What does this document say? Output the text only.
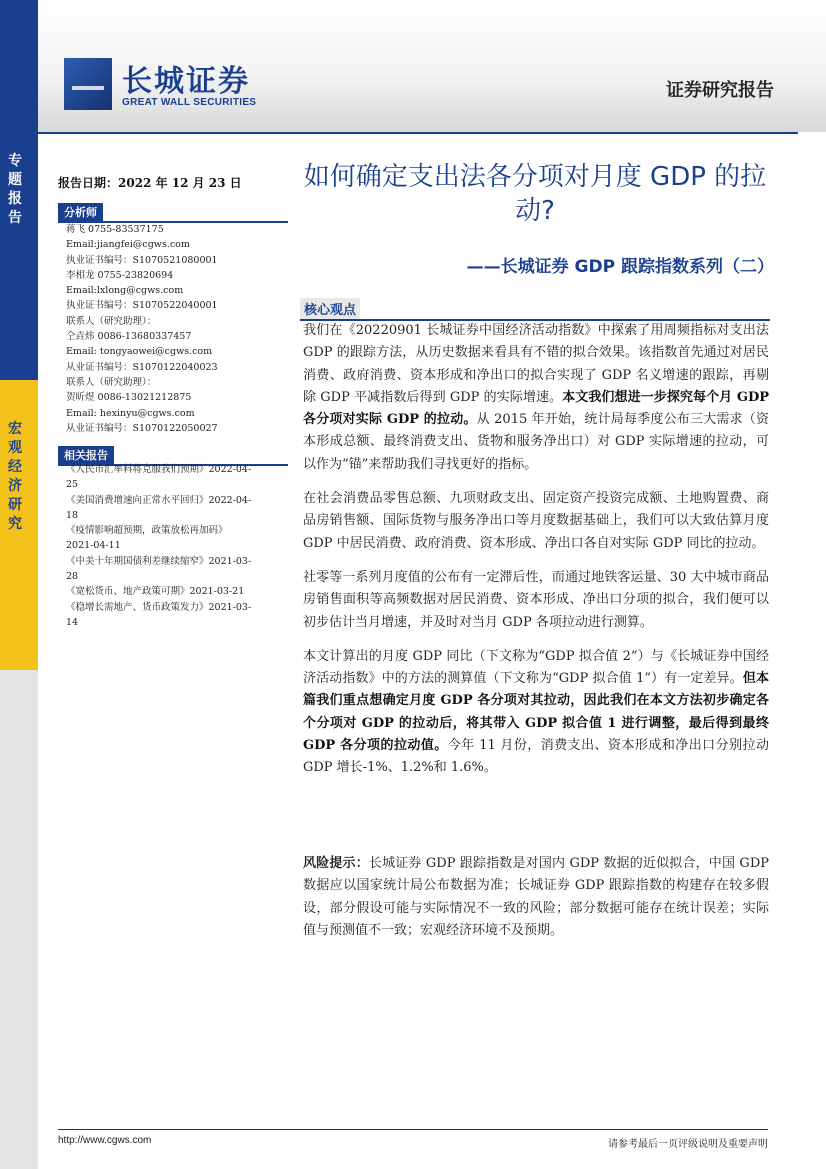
专题报告
宏观经济研究
长城证券
GREAT WALL SECURITIES
证券研究报告
报告日期：2022 年 12 月 23 日
分析师
蒋飞 0755-83537175
Email:jiangfei@cgws.com
执业证书编号：S1070521080001
李相龙 0755-23820694
Email:lxlong@cgws.com
执业证书编号：S1070522040001
联系人（研究助理）：
仝垚炜 0086-13680337457
Email: tongyaowei@cgws.com
从业证书编号：S1070122040023
联系人（研究助理）：
贺昕煜 0086-13021212875
Email: hexinyu@cgws.com
从业证书编号：S1070122050027
相关报告
《人民币汇率料将克服我们预期》2022-04-
25
《美国消费增速向正常水平回归》2022-04-
18
《疫情影响超预期，政策放松再加码》
2021-04-11
《中美十年期国债利差继续缩窄》2021-03-
28
《宽松货币、地产政策可期》2021-03-21
《稳增长需地产、货币政策发力》2021-03-
14
如何确定支出法各分项对月度 GDP 的拉动?
——长城证券 GDP 跟踪指数系列（二）
核心观点

我们在《20220901 长城证券中国经济活动指数》中探索了用周频指标对支出法 GDP 的跟踪方法，从历史数据来看具有不错的拟合效果。该指数首先通过对居民消费、政府消费、资本形成和净出口的拟合实现了 GDP 名义增速的跟踪，再剔除 GDP 平减指数后得到 GDP 的实际增速。本文我们想进一步探究每个月 GDP 各分项对实际 GDP 的拉动。从 2015 年开始，统计局每季度公布三大需求（资本形成总额、最终消费支出、货物和服务净出口）对 GDP 实际增速的拉动，可以作为“锚”来帮助我们寻找更好的指标。

在社会消费品零售总额、九项财政支出、固定资产投资完成额、土地购置费、商品房销售额、国际货物与服务净出口等月度数据基础上，我们可以大致估算月度 GDP 中居民消费、政府消费、资本形成、净出口各自对实际 GDP 同比的拉动。

社零等一系列月度值的公布有一定滞后性，而通过地铁客运量、30 大中城市商品房销售面积等高频数据对居民消费、资本形成、净出口分项的拟合，我们便可以初步估计当月增速，并及时对当月 GDP 各项拉动进行测算。

本文计算出的月度 GDP 同比（下文称为“GDP 拟合值 2”）与《长城证券中国经济活动指数》中的方法的测算值（下文称为“GDP 拟合值 1”）有一定差异。但本篇我们重点想确定月度 GDP 各分项对其拉动，因此我们在本文方法初步确定各个分项对 GDP 的拉动后，将其带入 GDP 拟合值 1 进行调整，最后得到最终 GDP 各分项的拉动值。今年 11 月份，消费支出、资本形成和净出口分别拉动 GDP 增长-1%、1.2%和 1.6%。

风险提示：长城证券 GDP 跟踪指数是对国内 GDP 数据的近似拟合，中国 GDP 数据应以国家统计局公布数据为准；长城证券 GDP 跟踪指数的构建存在较多假设，部分假设可能与实际情况不一致的风险；部分数据可能存在统计误差；实际值与预测值不一致；宏观经济环境不及预期。
http://www.cgws.com	请参考最后一页评级说明及重要声明
